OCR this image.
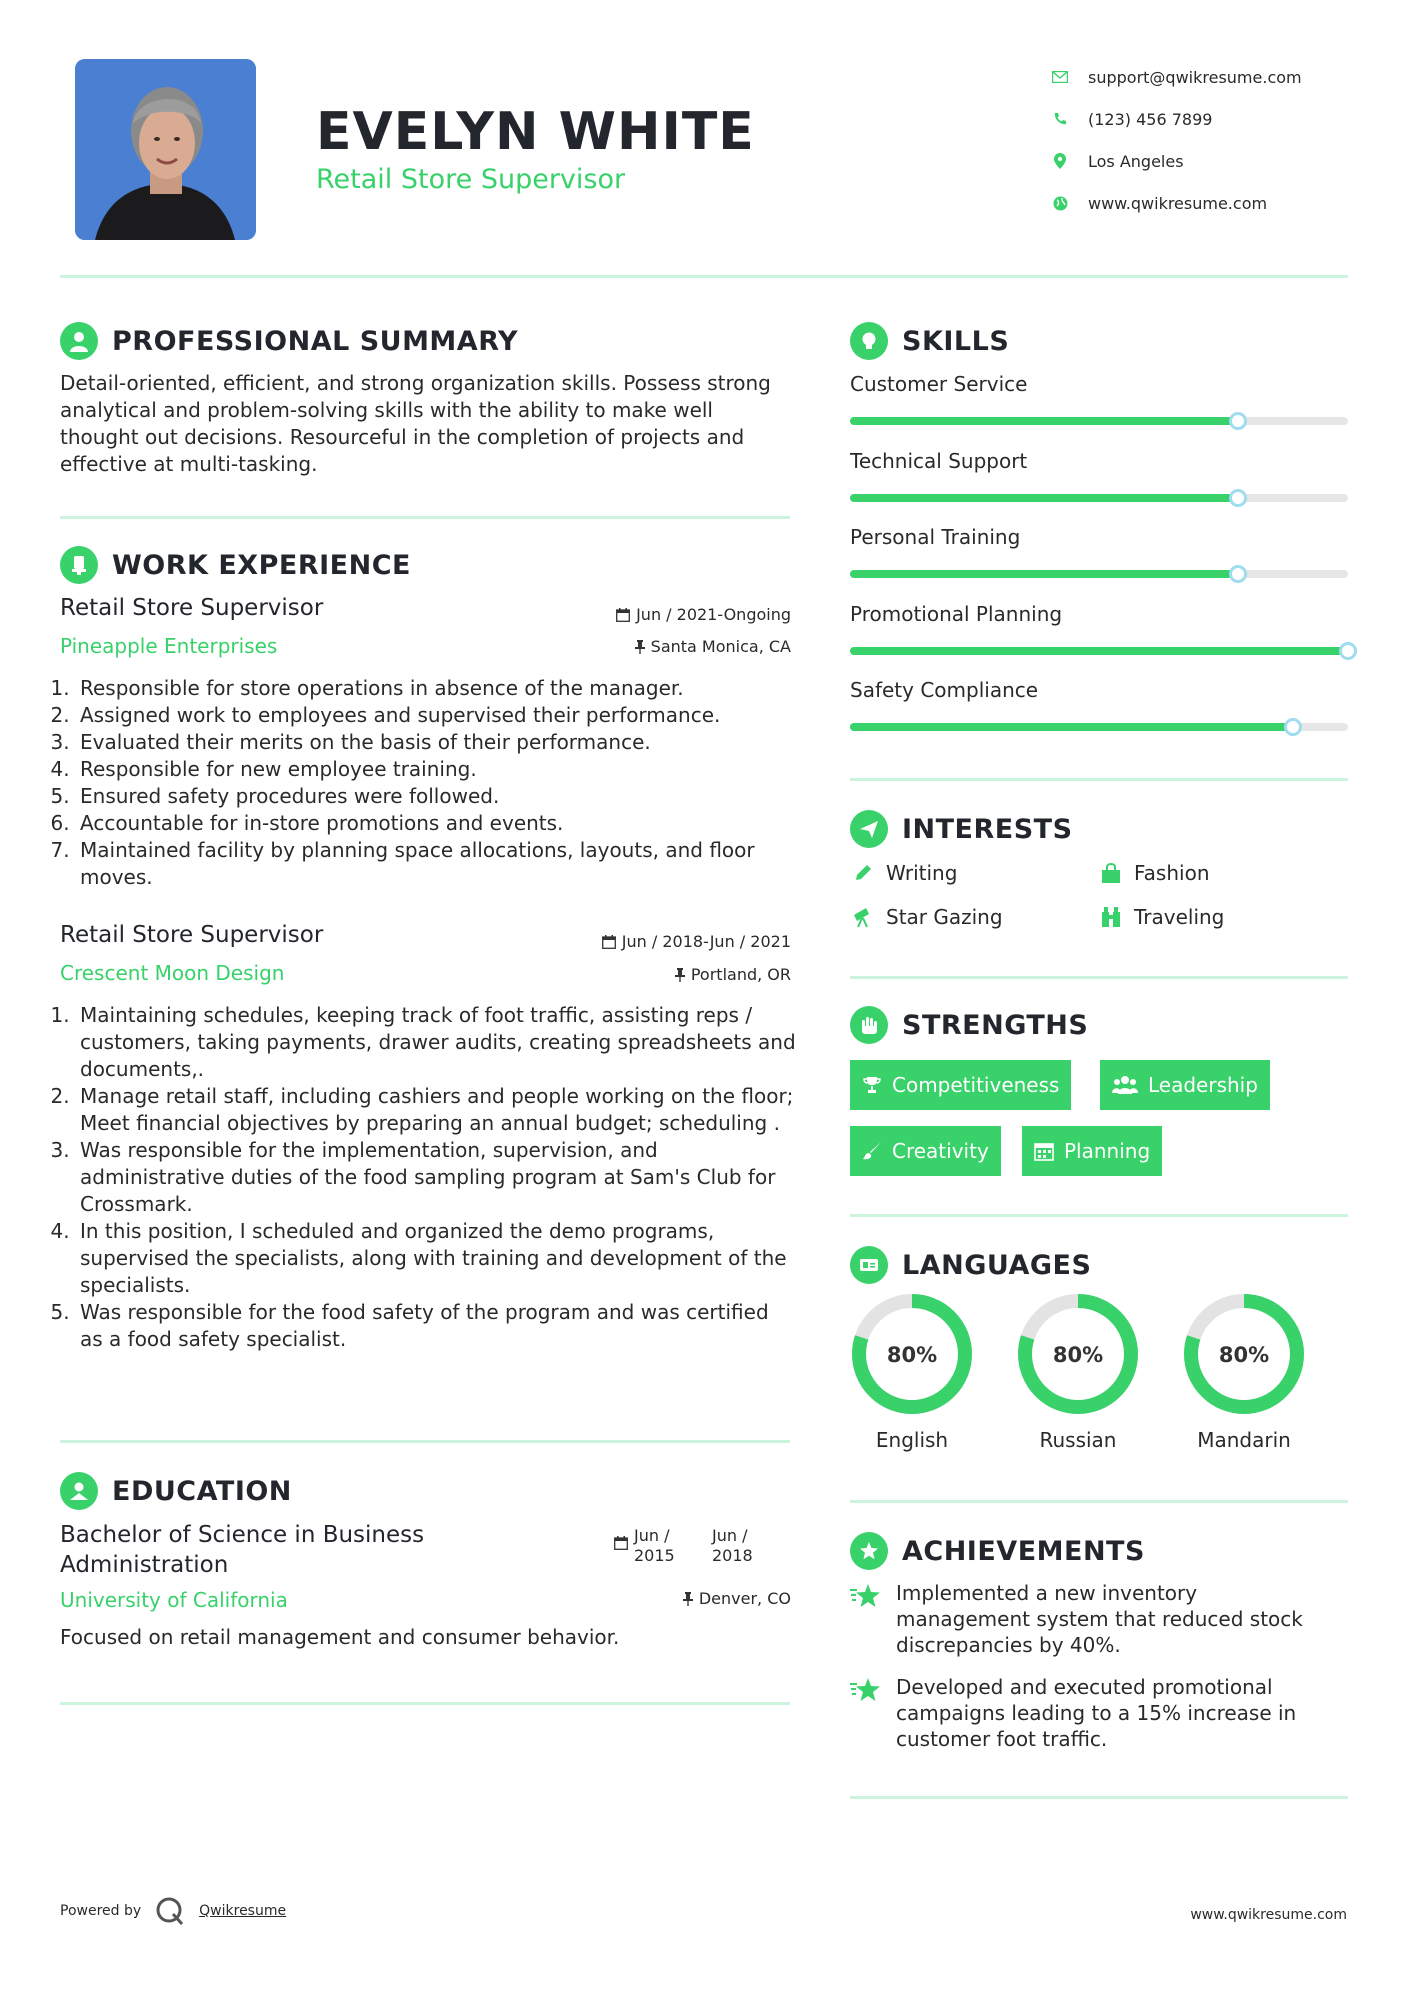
EVELYN WHITE
Retail Store Supervisor
support@qwikresume.com
(123) 456 7899
Los Angeles
www.qwikresume.com
PROFESSIONAL SUMMARY
Detail-oriented, efficient, and strong organization skills. Possess strong analytical and problem-solving skills with the ability to make well thought out decisions. Resourceful in the completion of projects and effective at multi-tasking.
WORK EXPERIENCE
Retail Store Supervisor	Jun / 2021-Ongoing
Pineapple Enterprises	Santa Monica, CA
1. Responsible for store operations in absence of the manager.
2. Assigned work to employees and supervised their performance.
3. Evaluated their merits on the basis of their performance.
4. Responsible for new employee training.
5. Ensured safety procedures were followed.
6. Accountable for in-store promotions and events.
7. Maintained facility by planning space allocations, layouts, and floor moves.
Retail Store Supervisor	Jun / 2018-Jun / 2021
Crescent Moon Design	Portland, OR
1. Maintaining schedules, keeping track of foot traffic, assisting reps / customers, taking payments, drawer audits, creating spreadsheets and documents,.
2. Manage retail staff, including cashiers and people working on the floor; Meet financial objectives by preparing an annual budget; scheduling .
3. Was responsible for the implementation, supervision, and administrative duties of the food sampling program at Sam's Club for Crossmark.
4. In this position, I scheduled and organized the demo programs, supervised the specialists, along with training and development of the specialists.
5. Was responsible for the food safety of the program and was certified as a food safety specialist.
EDUCATION
Bachelor of Science in Business Administration
Jun / 2015
Jun / 2018
University of California	Denver, CO
Focused on retail management and consumer behavior.
SKILLS
Customer Service
Technical Support
Personal Training
Promotional Planning
Safety Compliance
INTERESTS
Writing	Fashion
Star Gazing	Traveling
STRENGTHS
Competitiveness	Leadership
Creativity	Planning
LANGUAGES
80%
English
80%
Russian
80%
Mandarin
ACHIEVEMENTS
Implemented a new inventory management system that reduced stock discrepancies by 40%.
Developed and executed promotional campaigns leading to a 15% increase in customer foot traffic.
Powered by	Qwikresume	www.qwikresume.com
